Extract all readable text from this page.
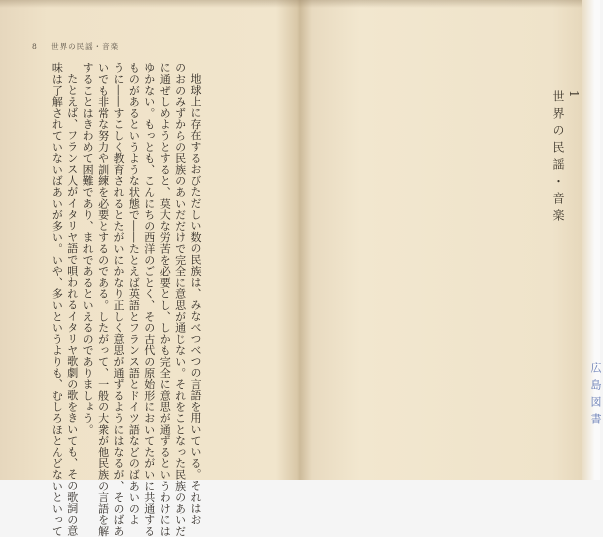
8 世界の民謡・音楽
地球上に存在するおびただしい数の民族は、みなべつべつの言語を用いている。それはお
のおのみずからの民族のあいだだけで完全に意思が通じない。それをことなった民族のあいだ
に通ぜしめようとすると、莫大な労苦を必要とし、しかも完全に意思が通ずるというわけには
ゆかない。もっとも、こんにちの西洋のごとく、その古代の原始形においてたがいに共通する
ものがあるというような状態で――たとえば英語とフランス語とドイツ語などのばあいのよ
うに――すこしく教育されるとたがいにかなり正しく意思が通ずるようにはなるが、そのばあ
いでも非常な努力や訓練を必要とするのである。したがって、一般の大衆が他民族の言語を解
することはきわめて困難であり、まれであるといえるのでありましょう。
たとえば、フランス人がイタリヤ語で唄われるイタリヤ歌劇の歌をきいても、その歌詞の意
味は了解されていないばあいが多い。いや、多いというよりも、むしろほとんどないといって	1
世界の民謡・音楽
広島図書
